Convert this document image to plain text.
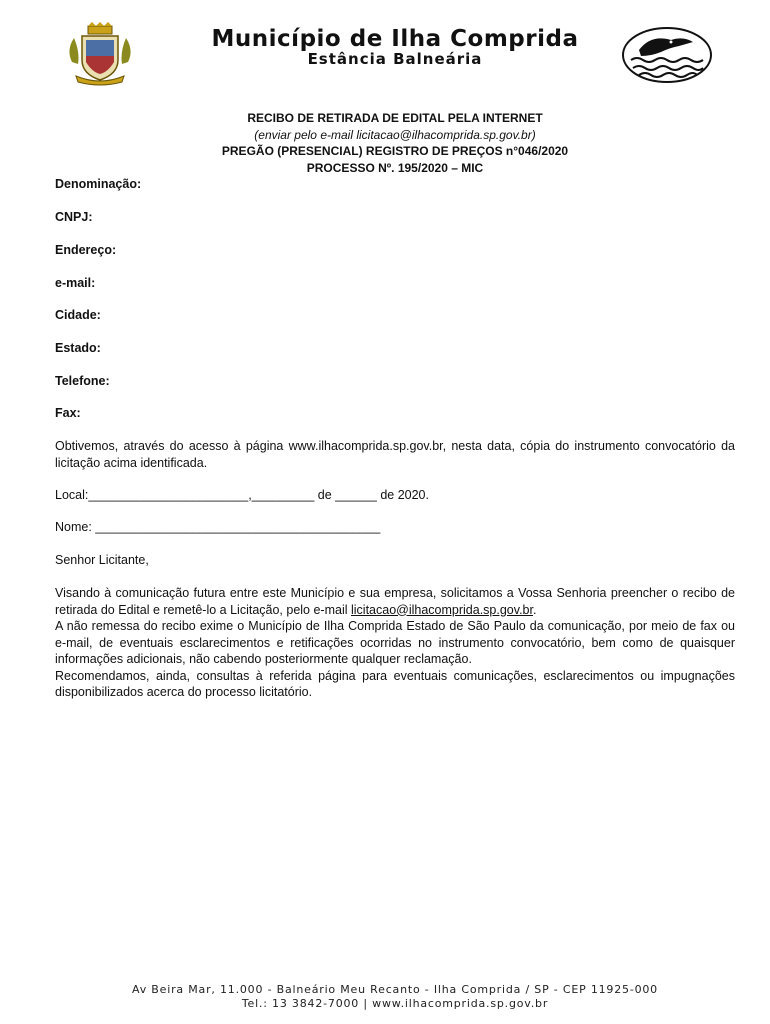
Município de Ilha Comprida
Estância Balneária
RECIBO DE RETIRADA DE EDITAL PELA INTERNET
(enviar pelo e-mail licitacao@ilhacomprida.sp.gov.br)
PREGÃO (PRESENCIAL) REGISTRO DE PREÇOS n°046/2020
PROCESSO Nº. 195/2020 – MIC
Denominação:
CNPJ:
Endereço:
e-mail:
Cidade:
Estado:
Telefone:
Fax:
Obtivemos, através do acesso à página www.ilhacomprida.sp.gov.br, nesta data, cópia do instrumento convocatório da licitação acima identificada.
Local:_______________________,_________ de ______ de 2020.
Nome: _________________________________________
Senhor Licitante,
Visando à comunicação futura entre este Município e sua empresa, solicitamos a Vossa Senhoria preencher o recibo de retirada do Edital e remetê-lo a Licitação, pelo e-mail licitacao@ilhacomprida.sp.gov.br.
A não remessa do recibo exime o Município de Ilha Comprida Estado de São Paulo da comunicação, por meio de fax ou e-mail, de eventuais esclarecimentos e retificações ocorridas no instrumento convocatório, bem como de quaisquer informações adicionais, não cabendo posteriormente qualquer reclamação.
Recomendamos, ainda, consultas à referida página para eventuais comunicações, esclarecimentos ou impugnações disponibilizados acerca do processo licitatório.
Av Beira Mar, 11.000 - Balneário Meu Recanto - Ilha Comprida / SP - CEP 11925-000
Tel.: 13 3842-7000 | www.ilhacomprida.sp.gov.br
